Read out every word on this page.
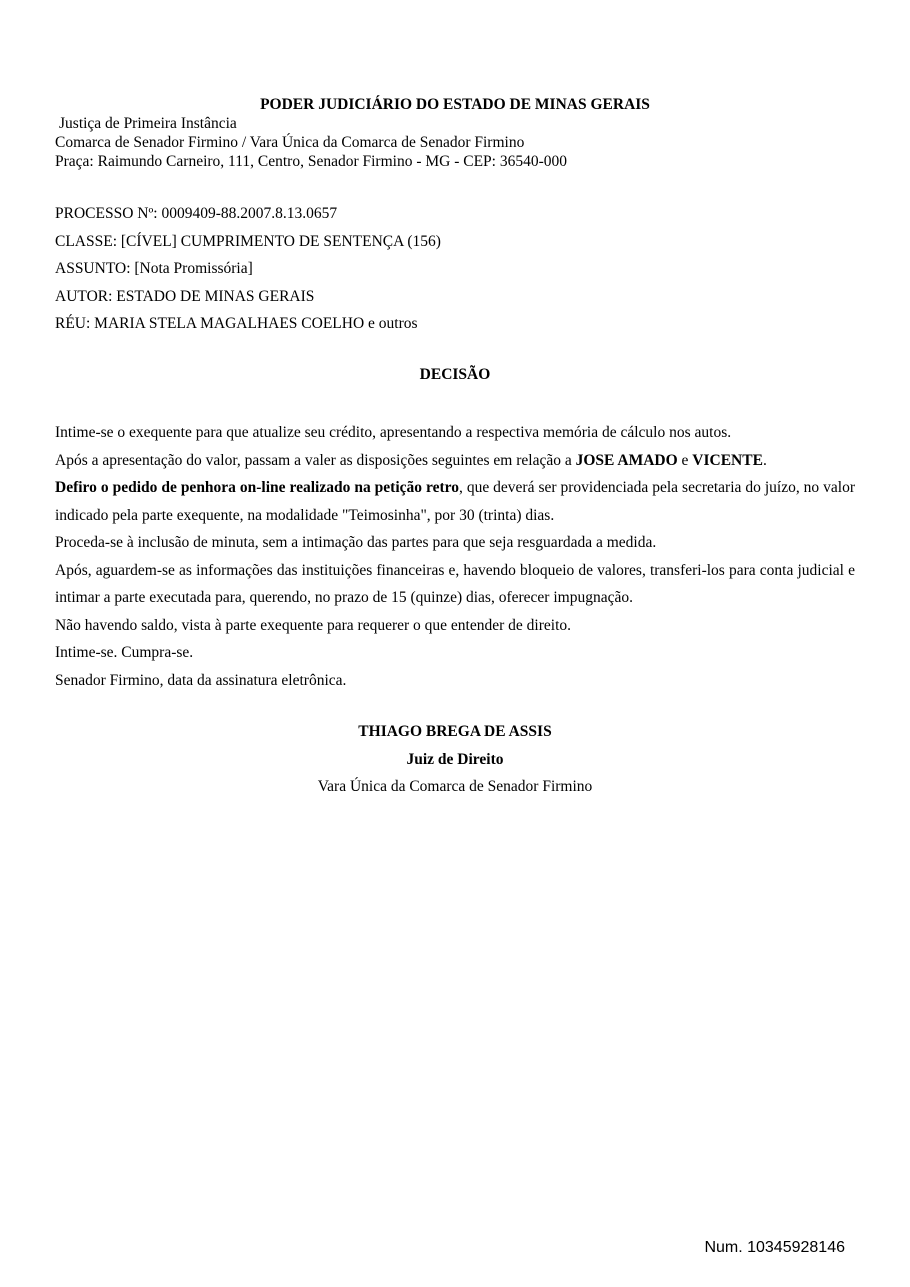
PODER JUDICIÁRIO DO ESTADO DE MINAS GERAIS
Justiça de Primeira Instância
Comarca de Senador Firmino / Vara Única da Comarca de Senador Firmino
Praça: Raimundo Carneiro, 111, Centro, Senador Firmino - MG - CEP: 36540-000
PROCESSO Nº: 0009409-88.2007.8.13.0657
CLASSE: [CÍVEL] CUMPRIMENTO DE SENTENÇA (156)
ASSUNTO: [Nota Promissória]
AUTOR: ESTADO DE MINAS GERAIS
RÉU: MARIA STELA MAGALHAES COELHO e outros
DECISÃO

Intime-se o exequente para que atualize seu crédito, apresentando a respectiva memória de cálculo nos autos.

Após a apresentação do valor, passam a valer as disposições seguintes em relação a JOSE AMADO e VICENTE.

Defiro o pedido de penhora on-line realizado na petição retro, que deverá ser providenciada pela secretaria do juízo, no valor indicado pela parte exequente, na modalidade "Teimosinha", por 30 (trinta) dias.

Proceda-se à inclusão de minuta, sem a intimação das partes para que seja resguardada a medida.

Após, aguardem-se as informações das instituições financeiras e, havendo bloqueio de valores, transferi-los para conta judicial e intimar a parte executada para, querendo, no prazo de 15 (quinze) dias, oferecer impugnação.

Não havendo saldo, vista à parte exequente para requerer o que entender de direito.

Intime-se. Cumpra-se.

Senador Firmino, data da assinatura eletrônica.

THIAGO BREGA DE ASSIS
Juiz de Direito
Vara Única da Comarca de Senador Firmino
Num. 10345928146
